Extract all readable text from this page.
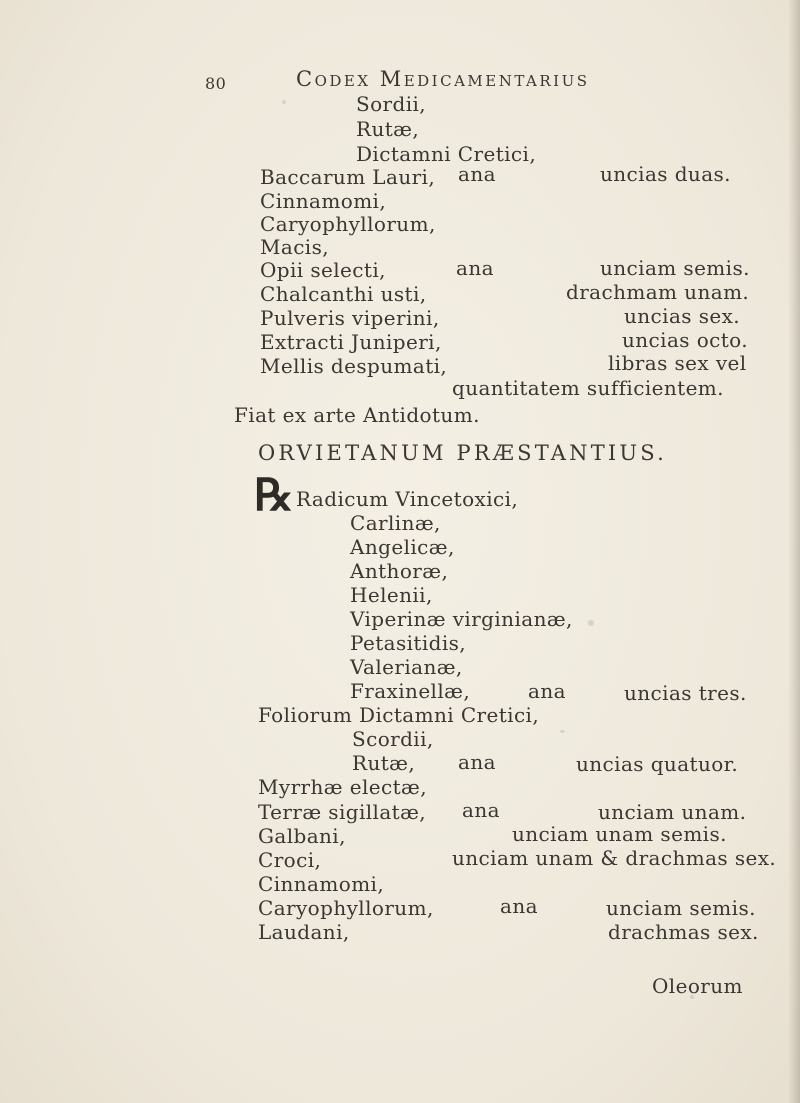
80	Codex Medicamentarius
Sordii,
Rutæ,
Dictamni Cretici,
Baccarum Lauri, ana	uncias duas.
Cinnamomi,
Caryophyllorum,
Macis,
Opii selecti,	ana	unciam semis.
Chalcanthi usti,	drachmam unam.
Pulveris viperini,	uncias sex.
Extracti Juniperi,	uncias octo.
Mellis despumati,	libras sex vel
quantitatem sufficientem.
Fiat ex arte Antidotum.
ORVIETANUM PRÆSTANTIUS.
℞ Radicum Vincetoxici,
Carlinæ,
Angelicæ,
Anthoræ,
Helenii,
Viperinæ virginianæ,
Petasitidis,
Valerianæ,
Fraxinellæ,	ana	uncias tres.
Foliorum Dictamni Cretici,
Scordii,
Rutæ, ana	uncias quatuor.
Myrrhæ electæ,
Terræ sigillatæ, ana	unciam unam.
Galbani,	unciam unam semis.
Croci,	unciam unam & drachmas sex.
Cinnamomi,
Caryophyllorum,	ana	unciam semis.
Laudani,	drachmas sex.
Oleorum
